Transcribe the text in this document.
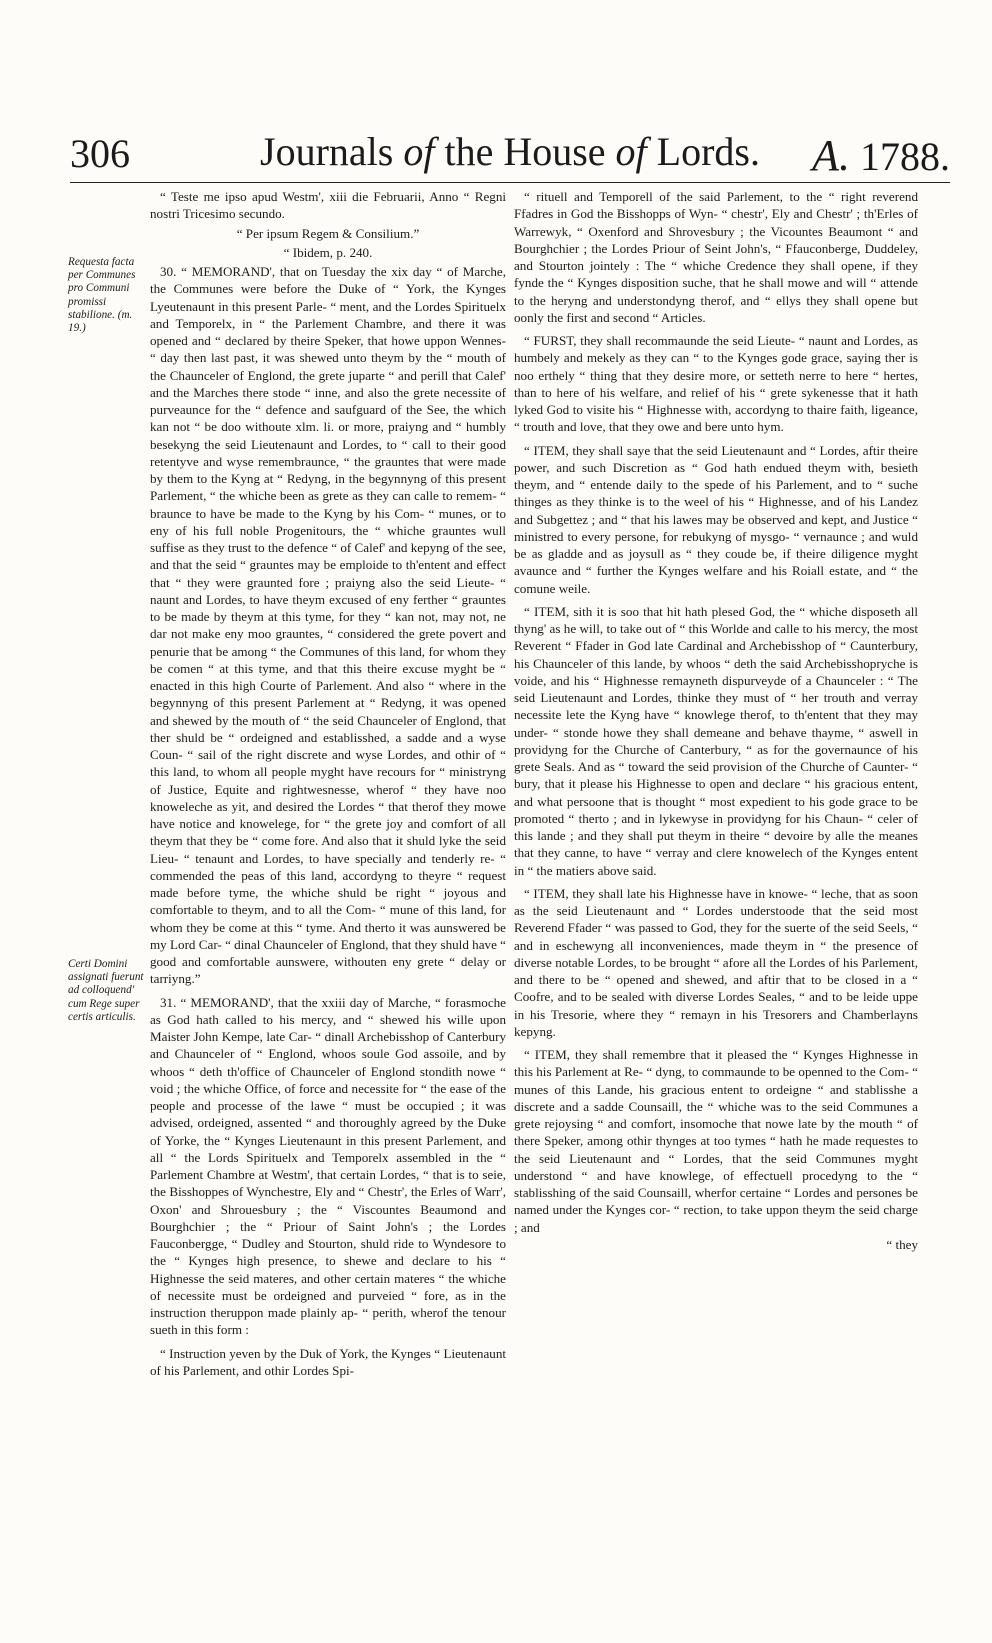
306	Journals of the House of Lords.	A. 1788.
Requesta facta per Communes pro Communi promissi stabilione. (m. 19.)
Certi Domini assignati fuerunt ad colloquend' cum Rege super certis articulis.

“ Teste me ipso apud Westm', xiii die Februarii, Anno “ Regni nostri Tricesimo secundo.

“ Per ipsum Regem & Consilium.”

“ Ibidem, p. 240.

30. “ MEMORAND', that on Tuesday the xix day “ of Marche, the Communes were before the Duke of “ York, the Kynges Lyeutenaunt in this present Parle- “ ment, and the Lordes Spirituelx and Temporelx, in “ the Parlement Chambre, and there it was opened and “ declared by theire Speker, that howe uppon Wennes- “ day then last past, it was shewed unto theym by the “ mouth of the Chaunceler of Englond, the grete juparte “ and perill that Calef' and the Marches there stode “ inne, and also the grete necessite of purveaunce for the “ defence and saufguard of the See, the which kan not “ be doo withoute xlm. li. or more, praiyng and “ humbly besekyng the seid Lieutenaunt and Lordes, to “ call to their good retentyve and wyse remembraunce, “ the grauntes that were made by them to the Kyng at “ Redyng, in the begynnyng of this present Parlement, “ the whiche been as grete as they can calle to remem- “ braunce to have be made to the Kyng by his Com- “ munes, or to eny of his full noble Progenitours, the “ whiche grauntes wull suffise as they trust to the defence “ of Calef' and kepyng of the see, and that the seid “ grauntes may be emploide to th'entent and effect that “ they were graunted fore ; praiyng also the seid Lieute- “ naunt and Lordes, to have theym excused of eny ferther “ grauntes to be made by theym at this tyme, for they “ kan not, may not, ne dar not make eny moo grauntes, “ considered the grete povert and penurie that be among “ the Communes of this land, for whom they be comen “ at this tyme, and that this theire excuse myght be “ enacted in this high Courte of Parlement. And also “ where in the begynnyng of this present Parlement at “ Redyng, it was opened and shewed by the mouth of “ the seid Chaunceler of Englond, that ther shuld be “ ordeigned and establisshed, a sadde and a wyse Coun- “ sail of the right discrete and wyse Lordes, and othir of “ this land, to whom all people myght have recours for “ ministryng of Justice, Equite and rightwesnesse, wherof “ they have noo knoweleche as yit, and desired the Lordes “ that therof they mowe have notice and knowelege, for “ the grete joy and comfort of all theym that they be “ come fore. And also that it shuld lyke the seid Lieu- “ tenaunt and Lordes, to have specially and tenderly re- “ commended the peas of this land, accordyng to theyre “ request made before tyme, the whiche shuld be right “ joyous and comfortable to theym, and to all the Com- “ mune of this land, for whom they be come at this “ tyme. And therto it was aunswered be my Lord Car- “ dinal Chaunceler of Englond, that they shuld have “ good and comfortable aunswere, withouten eny grete “ delay or tarriyng.”

31. “ MEMORAND', that the xxiii day of Marche, “ forasmoche as God hath called to his mercy, and “ shewed his wille upon Maister John Kempe, late Car- “ dinall Archebisshop of Canterbury and Chaunceler of “ Englond, whoos soule God assoile, and by whoos “ deth th'office of Chaunceler of Englond stondith nowe “ void ; the whiche Office, of force and necessite for “ the ease of the people and processe of the lawe “ must be occupied ; it was advised, ordeigned, assented “ and thoroughly agreed by the Duke of Yorke, the “ Kynges Lieutenaunt in this present Parlement, and all “ the Lords Spirituelx and Temporelx assembled in the “ Parlement Chambre at Westm', that certain Lordes, “ that is to seie, the Bisshoppes of Wynchestre, Ely and “ Chestr', the Erles of Warr', Oxon' and Shrouesbury ; the “ Viscountes Beaumond and Bourghchier ; the “ Priour of Saint John's ; the Lordes Fauconbergge, “ Dudley and Stourton, shuld ride to Wyndesore to the “ Kynges high presence, to shewe and declare to his “ Highnesse the seid materes, and other certain materes “ the whiche of necessite must be ordeigned and purveied “ fore, as in the instruction theruppon made plainly ap- “ perith, wherof the tenour sueth in this form :

“ Instruction yeven by the Duk of York, the Kynges “ Lieutenaunt of his Parlement, and othir Lordes Spi-

“ rituell and Temporell of the said Parlement, to the “ right reverend Ffadres in God the Bisshopps of Wyn- “ chestr', Ely and Chestr' ; th'Erles of Warrewyk, “ Oxenford and Shrovesbury ; the Vicountes Beaumont “ and Bourghchier ; the Lordes Priour of Seint John's, “ Ffauconberge, Duddeley, and Stourton jointely : The “ whiche Credence they shall opene, if they fynde the “ Kynges disposition suche, that he shall mowe and will “ attende to the heryng and understondyng therof, and “ ellys they shall opene but oonly the first and second “ Articles.

“ FURST, they shall recommaunde the seid Lieute- “ naunt and Lordes, as humbely and mekely as they can “ to the Kynges gode grace, saying ther is noo erthely “ thing that they desire more, or setteth nerre to here “ hertes, than to here of his welfare, and relief of his “ grete sykenesse that it hath lyked God to visite his “ Highnesse with, accordyng to thaire faith, ligeance, “ trouth and love, that they owe and bere unto hym.

“ ITEM, they shall saye that the seid Lieutenaunt and “ Lordes, aftir theire power, and such Discretion as “ God hath endued theym with, besieth theym, and “ entende daily to the spede of his Parlement, and to “ suche thinges as they thinke is to the weel of his “ Highnesse, and of his Landez and Subgettez ; and “ that his lawes may be observed and kept, and Justice “ ministred to every persone, for rebukyng of mysgo- “ vernaunce ; and wuld be as gladde and as joysull as “ they coude be, if theire diligence myght avaunce and “ further the Kynges welfare and his Roiall estate, and “ the comune weile.

“ ITEM, sith it is soo that hit hath plesed God, the “ whiche disposeth all thyng' as he will, to take out of “ this Worlde and calle to his mercy, the most Reverent “ Ffader in God late Cardinal and Archebisshop of “ Caunterbury, his Chaunceler of this lande, by whoos “ deth the said Archebisshopryche is voide, and his “ Highnesse remayneth dispurveyde of a Chaunceler : “ The seid Lieutenaunt and Lordes, thinke they must of “ her trouth and verray necessite lete the Kyng have “ knowlege therof, to th'entent that they may under- “ stonde howe they shall demeane and behave thayme, “ aswell in providyng for the Churche of Canterbury, “ as for the governaunce of his grete Seals. And as “ toward the seid provision of the Churche of Caunter- “ bury, that it please his Highnesse to open and declare “ his gracious entent, and what persoone that is thought “ most expedient to his gode grace to be promoted “ therto ; and in lykewyse in providyng for his Chaun- “ celer of this lande ; and they shall put theym in theire “ devoire by alle the meanes that they canne, to have “ verray and clere knowelech of the Kynges entent in “ the matiers above said.

“ ITEM, they shall late his Highnesse have in knowe- “ leche, that as soon as the seid Lieutenaunt and “ Lordes understoode that the seid most Reverend Ffader “ was passed to God, they for the suerte of the seid Seels, “ and in eschewyng all inconveniences, made theym in “ the presence of diverse notable Lordes, to be brought “ afore all the Lordes of his Parlement, and there to be “ opened and shewed, and aftir that to be closed in a “ Coofre, and to be sealed with diverse Lordes Seales, “ and to be leide uppe in his Tresorie, where they “ remayn in his Tresorers and Chamberlayns kepyng.

“ ITEM, they shall remembre that it pleased the “ Kynges Highnesse in this his Parlement at Re- “ dyng, to commaunde to be openned to the Com- “ munes of this Lande, his gracious entent to ordeigne “ and stablisshe a discrete and a sadde Counsaill, the “ whiche was to the seid Communes a grete rejoysing “ and comfort, insomoche that nowe late by the mouth “ of there Speker, among othir thynges at too tymes “ hath he made requestes to the seid Lieutenaunt and “ Lordes, that the seid Communes myght understond “ and have knowlege, of effectuell procedyng to the “ stablisshing of the said Counsaill, wherfor certaine “ Lordes and persones be named under the Kynges cor- “ rection, to take uppon theym the seid charge ; and

“ they
